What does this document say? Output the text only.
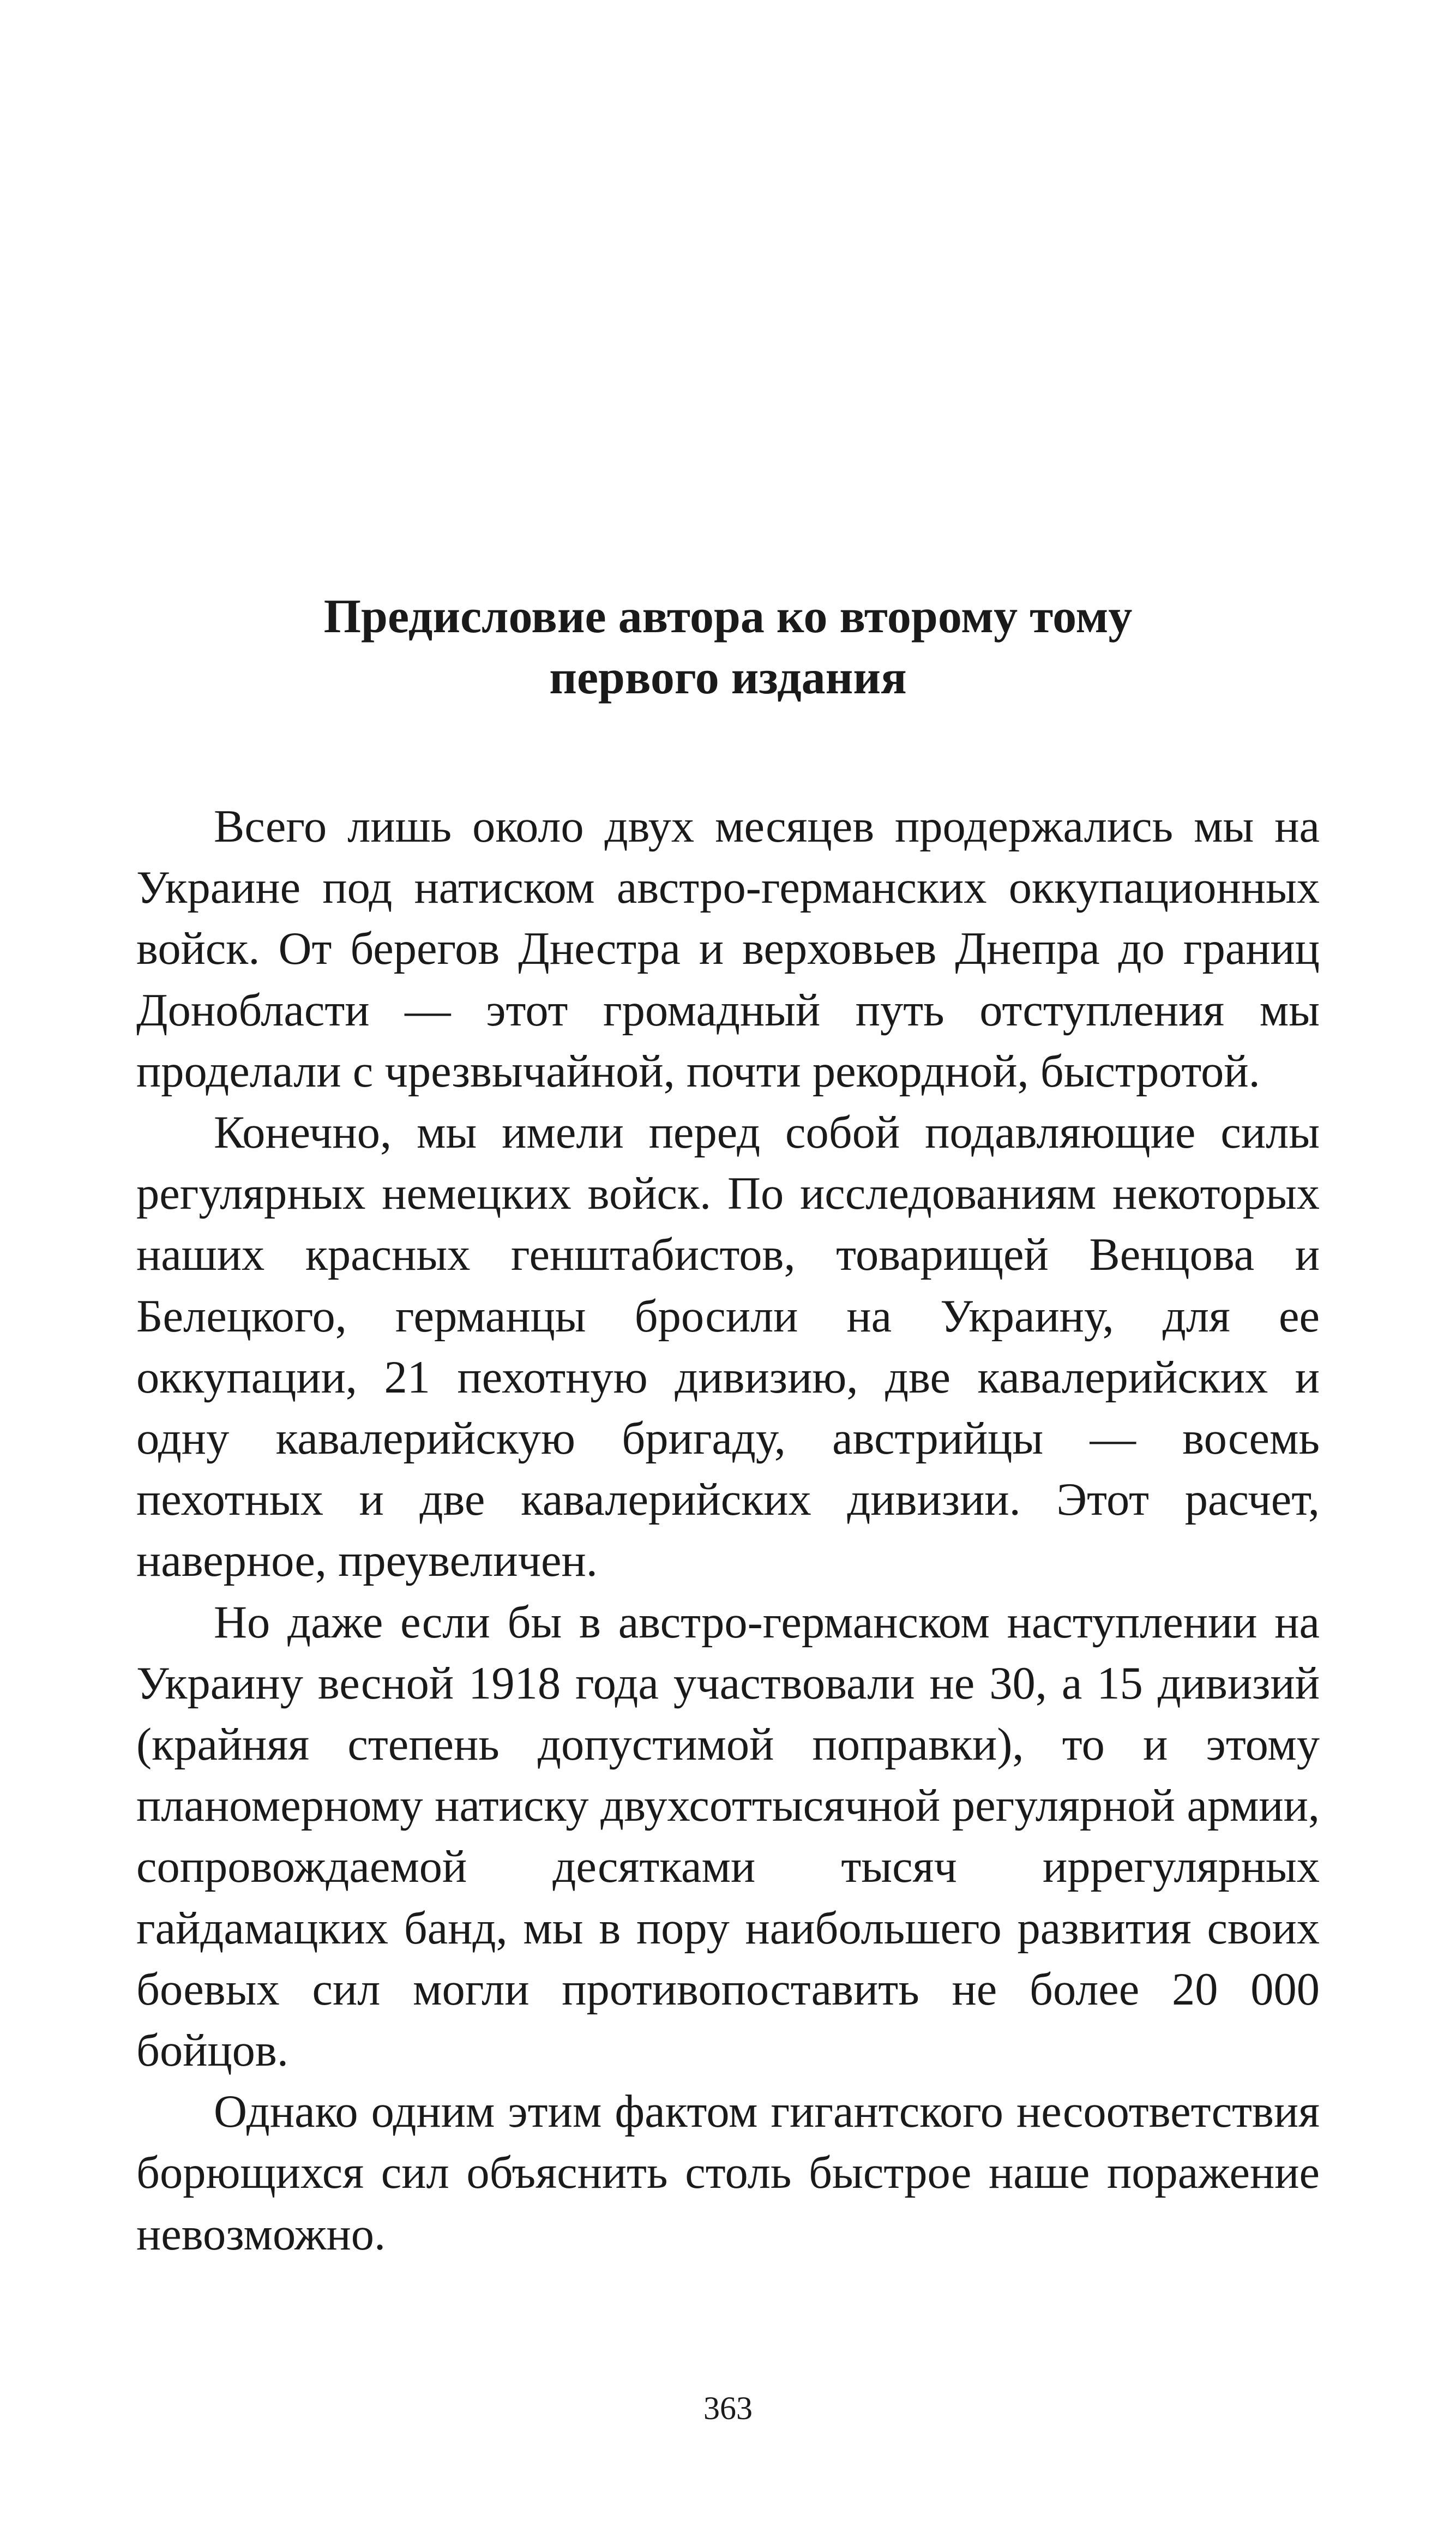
Предисловие автора ко второму тому
первого издания

Всего лишь около двух месяцев продержались мы на Украине под натиском австро-германских оккупационных войск. От берегов Днестра и верховьев Днепра до границ Донобласти — этот громадный путь отступления мы проделали с чрезвычайной, почти рекордной, быстротой.

Конечно, мы имели перед собой подавляющие силы регулярных немецких войск. По исследованиям некоторых наших красных генштабистов, товарищей Венцова и Белецкого, германцы бросили на Украину, для ее оккупации, 21 пехотную дивизию, две кавалерийских и одну кавалерийскую бригаду, австрийцы — восемь пехотных и две кавалерийских дивизии. Этот расчет, наверное, преувеличен.

Но даже если бы в австро-германском наступлении на Украину весной 1918 года участвовали не 30, а 15 дивизий (крайняя степень допустимой поправки), то и этому планомерному натиску двухсоттысячной регулярной армии, сопровождаемой десятками тысяч иррегулярных гайдамацких банд, мы в пору наибольшего развития своих боевых сил могли противопоставить не более 20 000 бойцов.

Однако одним этим фактом гигантского несоответствия борющихся сил объяснить столь быстрое наше поражение невозможно.

363
